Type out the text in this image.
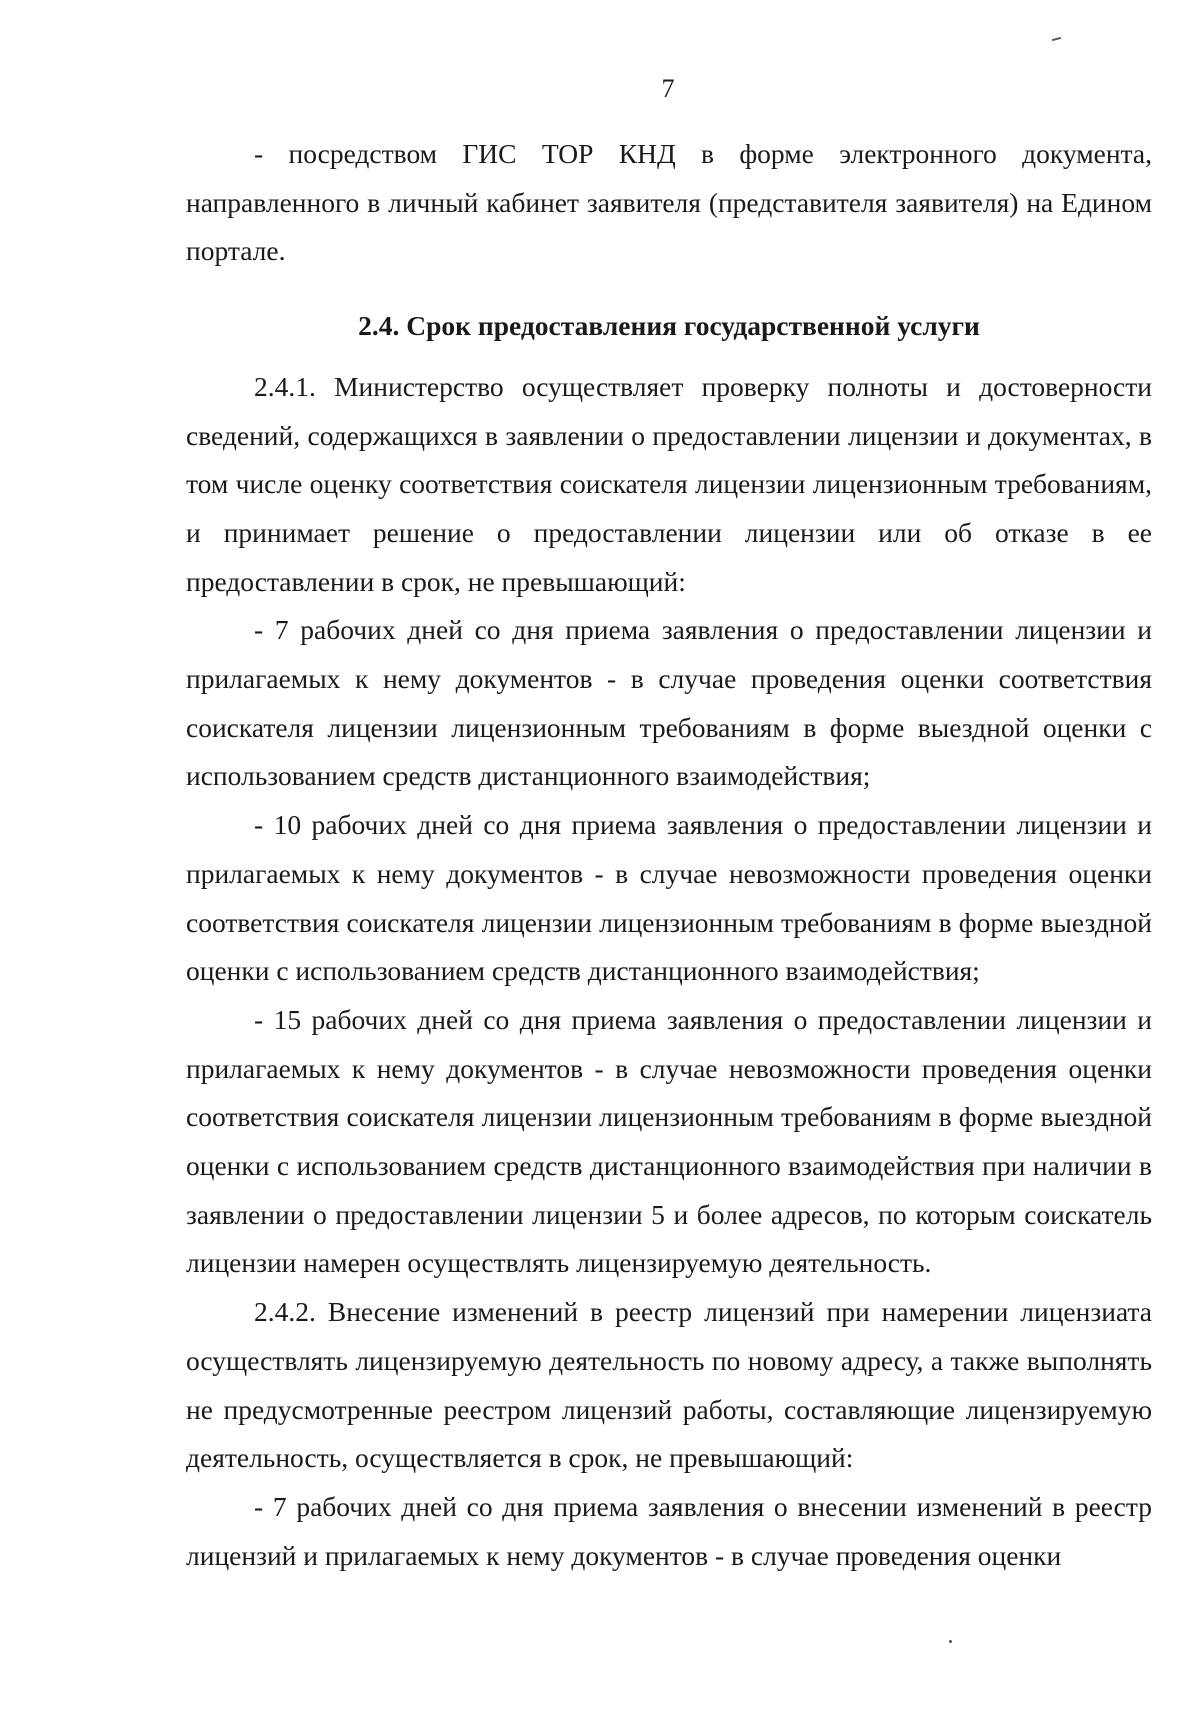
7

- посредством ГИС ТОР КНД в форме электронного документа, направленного в личный кабинет заявителя (представителя заявителя) на Едином портале.

2.4. Срок предоставления государственной услуги

2.4.1. Министерство осуществляет проверку полноты и достоверности сведений, содержащихся в заявлении о предоставлении лицензии и документах, в том числе оценку соответствия соискателя лицензии лицензионным требованиям, и принимает решение о предоставлении лицензии или об отказе в ее предоставлении в срок, не превышающий:

- 7 рабочих дней со дня приема заявления о предоставлении лицензии и прилагаемых к нему документов - в случае проведения оценки соответствия соискателя лицензии лицензионным требованиям в форме выездной оценки с использованием средств дистанционного взаимодействия;

- 10 рабочих дней со дня приема заявления о предоставлении лицензии и прилагаемых к нему документов - в случае невозможности проведения оценки соответствия соискателя лицензии лицензионным требованиям в форме выездной оценки с использованием средств дистанционного взаимодействия;

- 15 рабочих дней со дня приема заявления о предоставлении лицензии и прилагаемых к нему документов - в случае невозможности проведения оценки соответствия соискателя лицензии лицензионным требованиям в форме выездной оценки с использованием средств дистанционного взаимодействия при наличии в заявлении о предоставлении лицензии 5 и более адресов, по которым соискатель лицензии намерен осуществлять лицензируемую деятельность.

2.4.2. Внесение изменений в реестр лицензий при намерении лицензиата осуществлять лицензируемую деятельность по новому адресу, а также выполнять не предусмотренные реестром лицензий работы, составляющие лицензируемую деятельность, осуществляется в срок, не превышающий:

- 7 рабочих дней со дня приема заявления о внесении изменений в реестр лицензий и прилагаемых к нему документов - в случае проведения оценки
